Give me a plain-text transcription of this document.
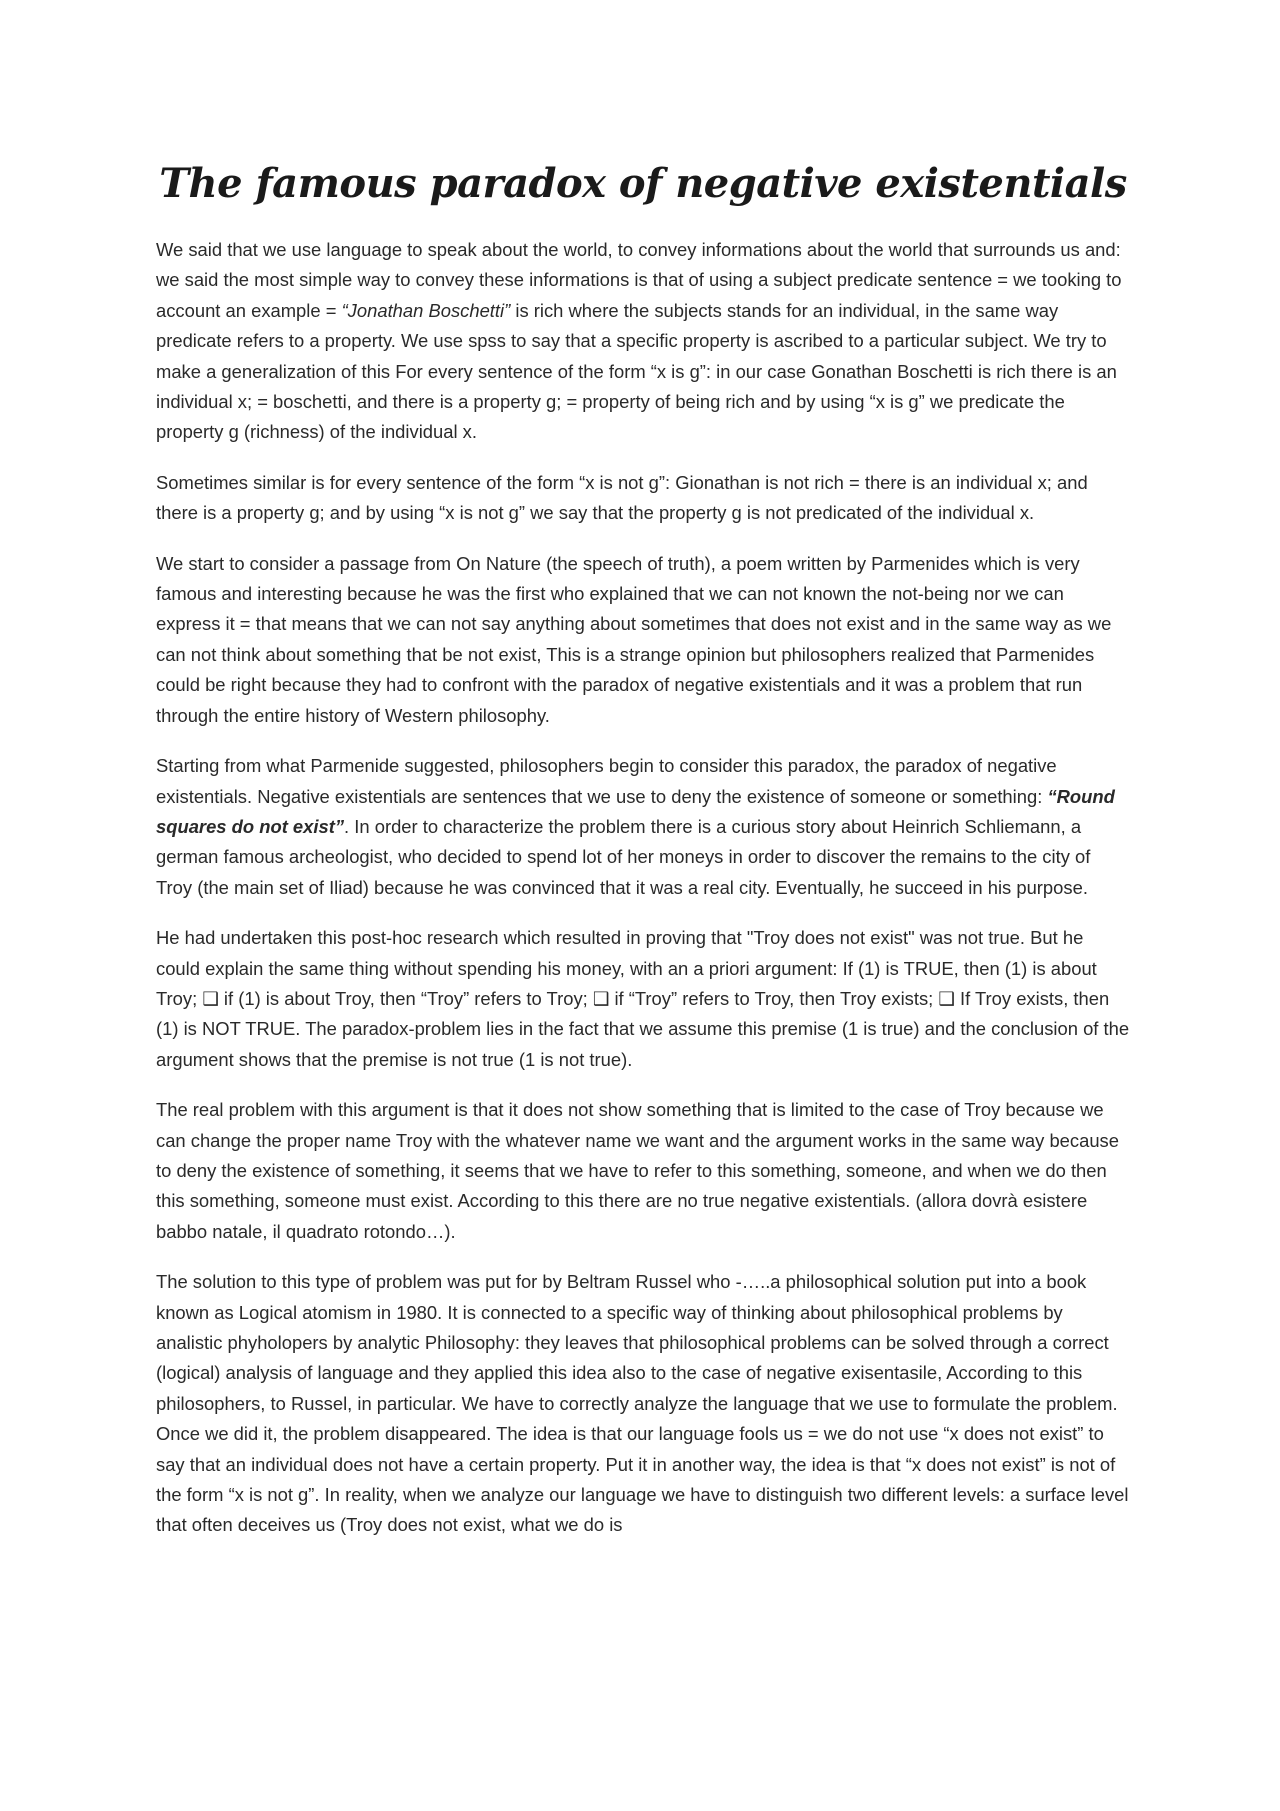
The famous paradox of negative existentials

We said that we use language to speak about the world, to convey informations about the world that surrounds us and: we said the most simple way to convey these informations is that of using a subject predicate sentence = we tooking to account an example = “Jonathan Boschetti” is rich where the subjects stands for an individual, in the same way predicate refers to a property. We use spss to say that a specific property is ascribed to a particular subject. We try to make a generalization of this For every sentence of the form “x is g”: in our case Gonathan Boschetti is rich there is an individual x; = boschetti, and there is a property g; = property of being rich and by using “x is g” we predicate the property g (richness) of the individual x.

Sometimes similar is for every sentence of the form “x is not g”: Gionathan is not rich = there is an individual x; and there is a property g; and by using “x is not g” we say that the property g is not predicated of the individual x.

We start to consider a passage from On Nature (the speech of truth), a poem written by Parmenides which is very famous and interesting because he was the first who explained that we can not known the not-being nor we can express it = that means that we can not say anything about sometimes that does not exist and in the same way as we can not think about something that be not exist, This is a strange opinion but philosophers realized that Parmenides could be right because they had to confront with the paradox of negative existentials and it was a problem that run through the entire history of Western philosophy.

Starting from what Parmenide suggested, philosophers begin to consider this paradox, the paradox of negative existentials. Negative existentials are sentences that we use to deny the existence of someone or something: “Round squares do not exist”. In order to characterize the problem there is a curious story about Heinrich Schliemann, a german famous archeologist, who decided to spend lot of her moneys in order to discover the remains to the city of Troy (the main set of Iliad) because he was convinced that it was a real city. Eventually, he succeed in his purpose.

He had undertaken this post-hoc research which resulted in proving that "Troy does not exist" was not true. But he could explain the same thing without spending his money, with an a priori argument: If (1) is TRUE, then (1) is about Troy; ❑ if (1) is about Troy, then “Troy” refers to Troy; ❑ if “Troy” refers to Troy, then Troy exists; ❑ If Troy exists, then (1) is NOT TRUE. The paradox-problem lies in the fact that we assume this premise (1 is true) and the conclusion of the argument shows that the premise is not true (1 is not true).

The real problem with this argument is that it does not show something that is limited to the case of Troy because we can change the proper name Troy with the whatever name we want and the argument works in the same way because to deny the existence of something, it seems that we have to refer to this something, someone, and when we do then this something, someone must exist. According to this there are no true negative existentials. (allora dovrà esistere babbo natale, il quadrato rotondo…).

The solution to this type of problem was put for by Beltram Russel who -…..a philosophical solution put into a book known as Logical atomism in 1980. It is connected to a specific way of thinking about philosophical problems by analistic phyholopers by analytic Philosophy: they leaves that philosophical problems can be solved through a correct (logical) analysis of language and they applied this idea also to the case of negative exisentasile, According to this philosophers, to Russel, in particular. We have to correctly analyze the language that we use to formulate the problem. Once we did it, the problem disappeared. The idea is that our language fools us = we do not use “x does not exist” to say that an individual does not have a certain property. Put it in another way, the idea is that “x does not exist” is not of the form “x is not g”. In reality, when we analyze our language we have to distinguish two different levels: a surface level that often deceives us (Troy does not exist, what we do is
